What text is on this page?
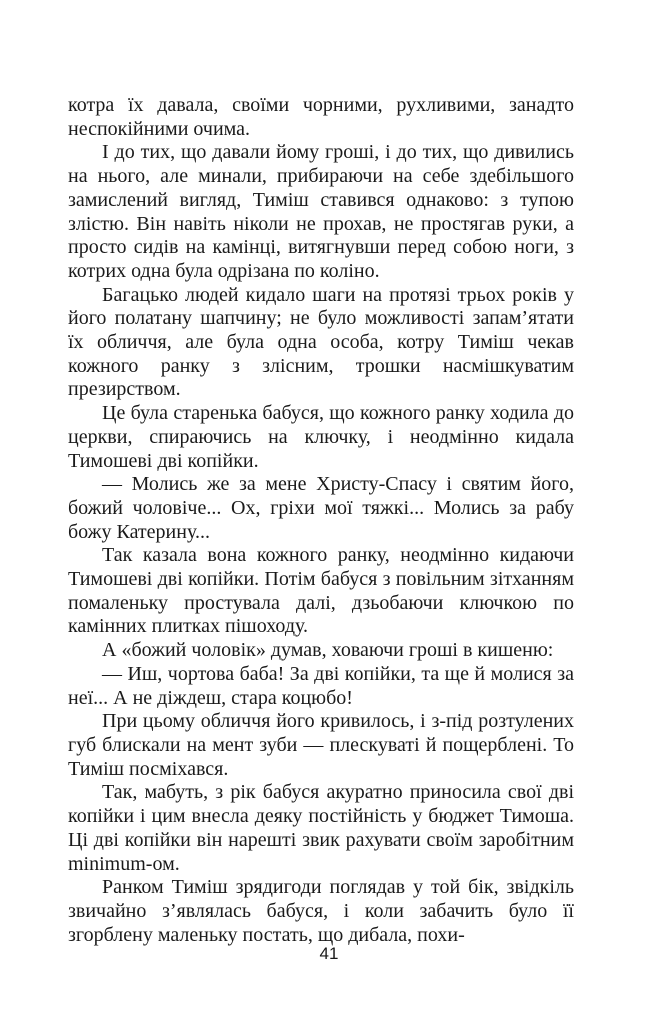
котра їх давала, своїми чорними, рухливими, занадто неспокійними очима.

І до тих, що давали йому гроші, і до тих, що дивились на нього, але минали, прибираючи на себе здебільшого замислений вигляд, Тиміш ставився однаково: з тупою злістю. Він навіть ніколи не прохав, не простягав руки, а просто сидів на камінці, витягнувши перед собою ноги, з котрих одна була одрізана по коліно.

Багацько людей кидало шаги на протязі трьох років у його полатану шапчину; не було можливості запам’ятати їх обличчя, але була одна особа, котру Тиміш чекав кожного ранку з злісним, трошки насмішкуватим презирством.

Це була старенька бабуся, що кожного ранку ходила до церкви, спираючись на ключку, і неодмінно кидала Тимошеві дві копійки.

— Молись же за мене Христу-Спасу і святим його, божий чоловіче... Ох, гріхи мої тяжкі... Молись за рабу божу Катерину...

Так казала вона кожного ранку, неодмінно кидаючи Тимошеві дві копійки. Потім бабуся з повільним зітханням помаленьку простувала далі, дзьобаючи ключкою по камінних плитках пішоходу.

А «божий чоловік» думав, ховаючи гроші в кишеню:

— Иш, чортова баба! За дві копійки, та ще й молися за неї... А не діждеш, стара коцюбо!

При цьому обличчя його кривилось, і з-під розтулених губ блискали на мент зуби — плескуваті й пощерблені. То Тиміш посміхався.

Так, мабуть, з рік бабуся акуратно приносила свої дві копійки і цим внесла деяку постійність у бюджет Тимоша. Ці дві копійки він нарешті звик рахувати своїм заробітним minimum-ом.

Ранком Тиміш зрядигоди поглядав у той бік, звідкіль звичайно з’являлась бабуся, і коли забачить було її згорблену маленьку постать, що дибала, похи-

41
